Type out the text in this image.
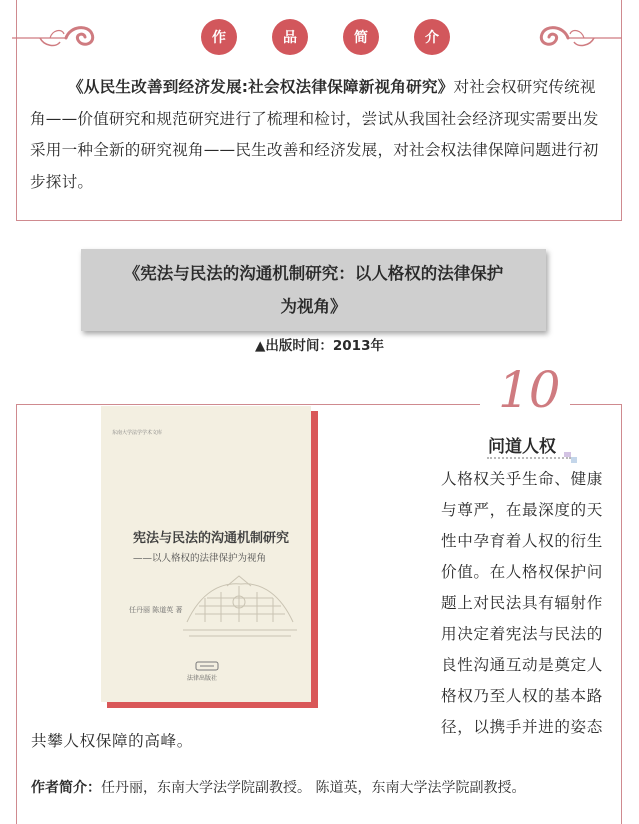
作	品	简	介
《从民生改善到经济发展:社会权法律保障新视角研究》对社会权研究传统视角——价值研究和规范研究进行了梳理和检讨，尝试从我国社会经济现实需要出发采用一种全新的研究视角——民生改善和经济发展，对社会权法律保障问题进行初步探讨。
《宪法与民法的沟通机制研究：以人格权的法律保护
为视角》
▲出版时间：2013年
10
东南大学法学学术文库
宪法与民法的沟通机制研究
——以人格权的法律保护为视角
任丹丽 陈道英 著
法律出版社
问道人权
人格权关乎生命、健康
与尊严，在最深度的天
性中孕育着人权的衍生
价值。在人格权保护问
题上对民法具有辐射作
用决定着宪法与民法的
良性沟通互动是奠定人
格权乃至人权的基本路
径，以携手并进的姿态
共攀人权保障的高峰。
作者简介：任丹丽，东南大学法学院副教授。 陈道英，东南大学法学院副教授。
